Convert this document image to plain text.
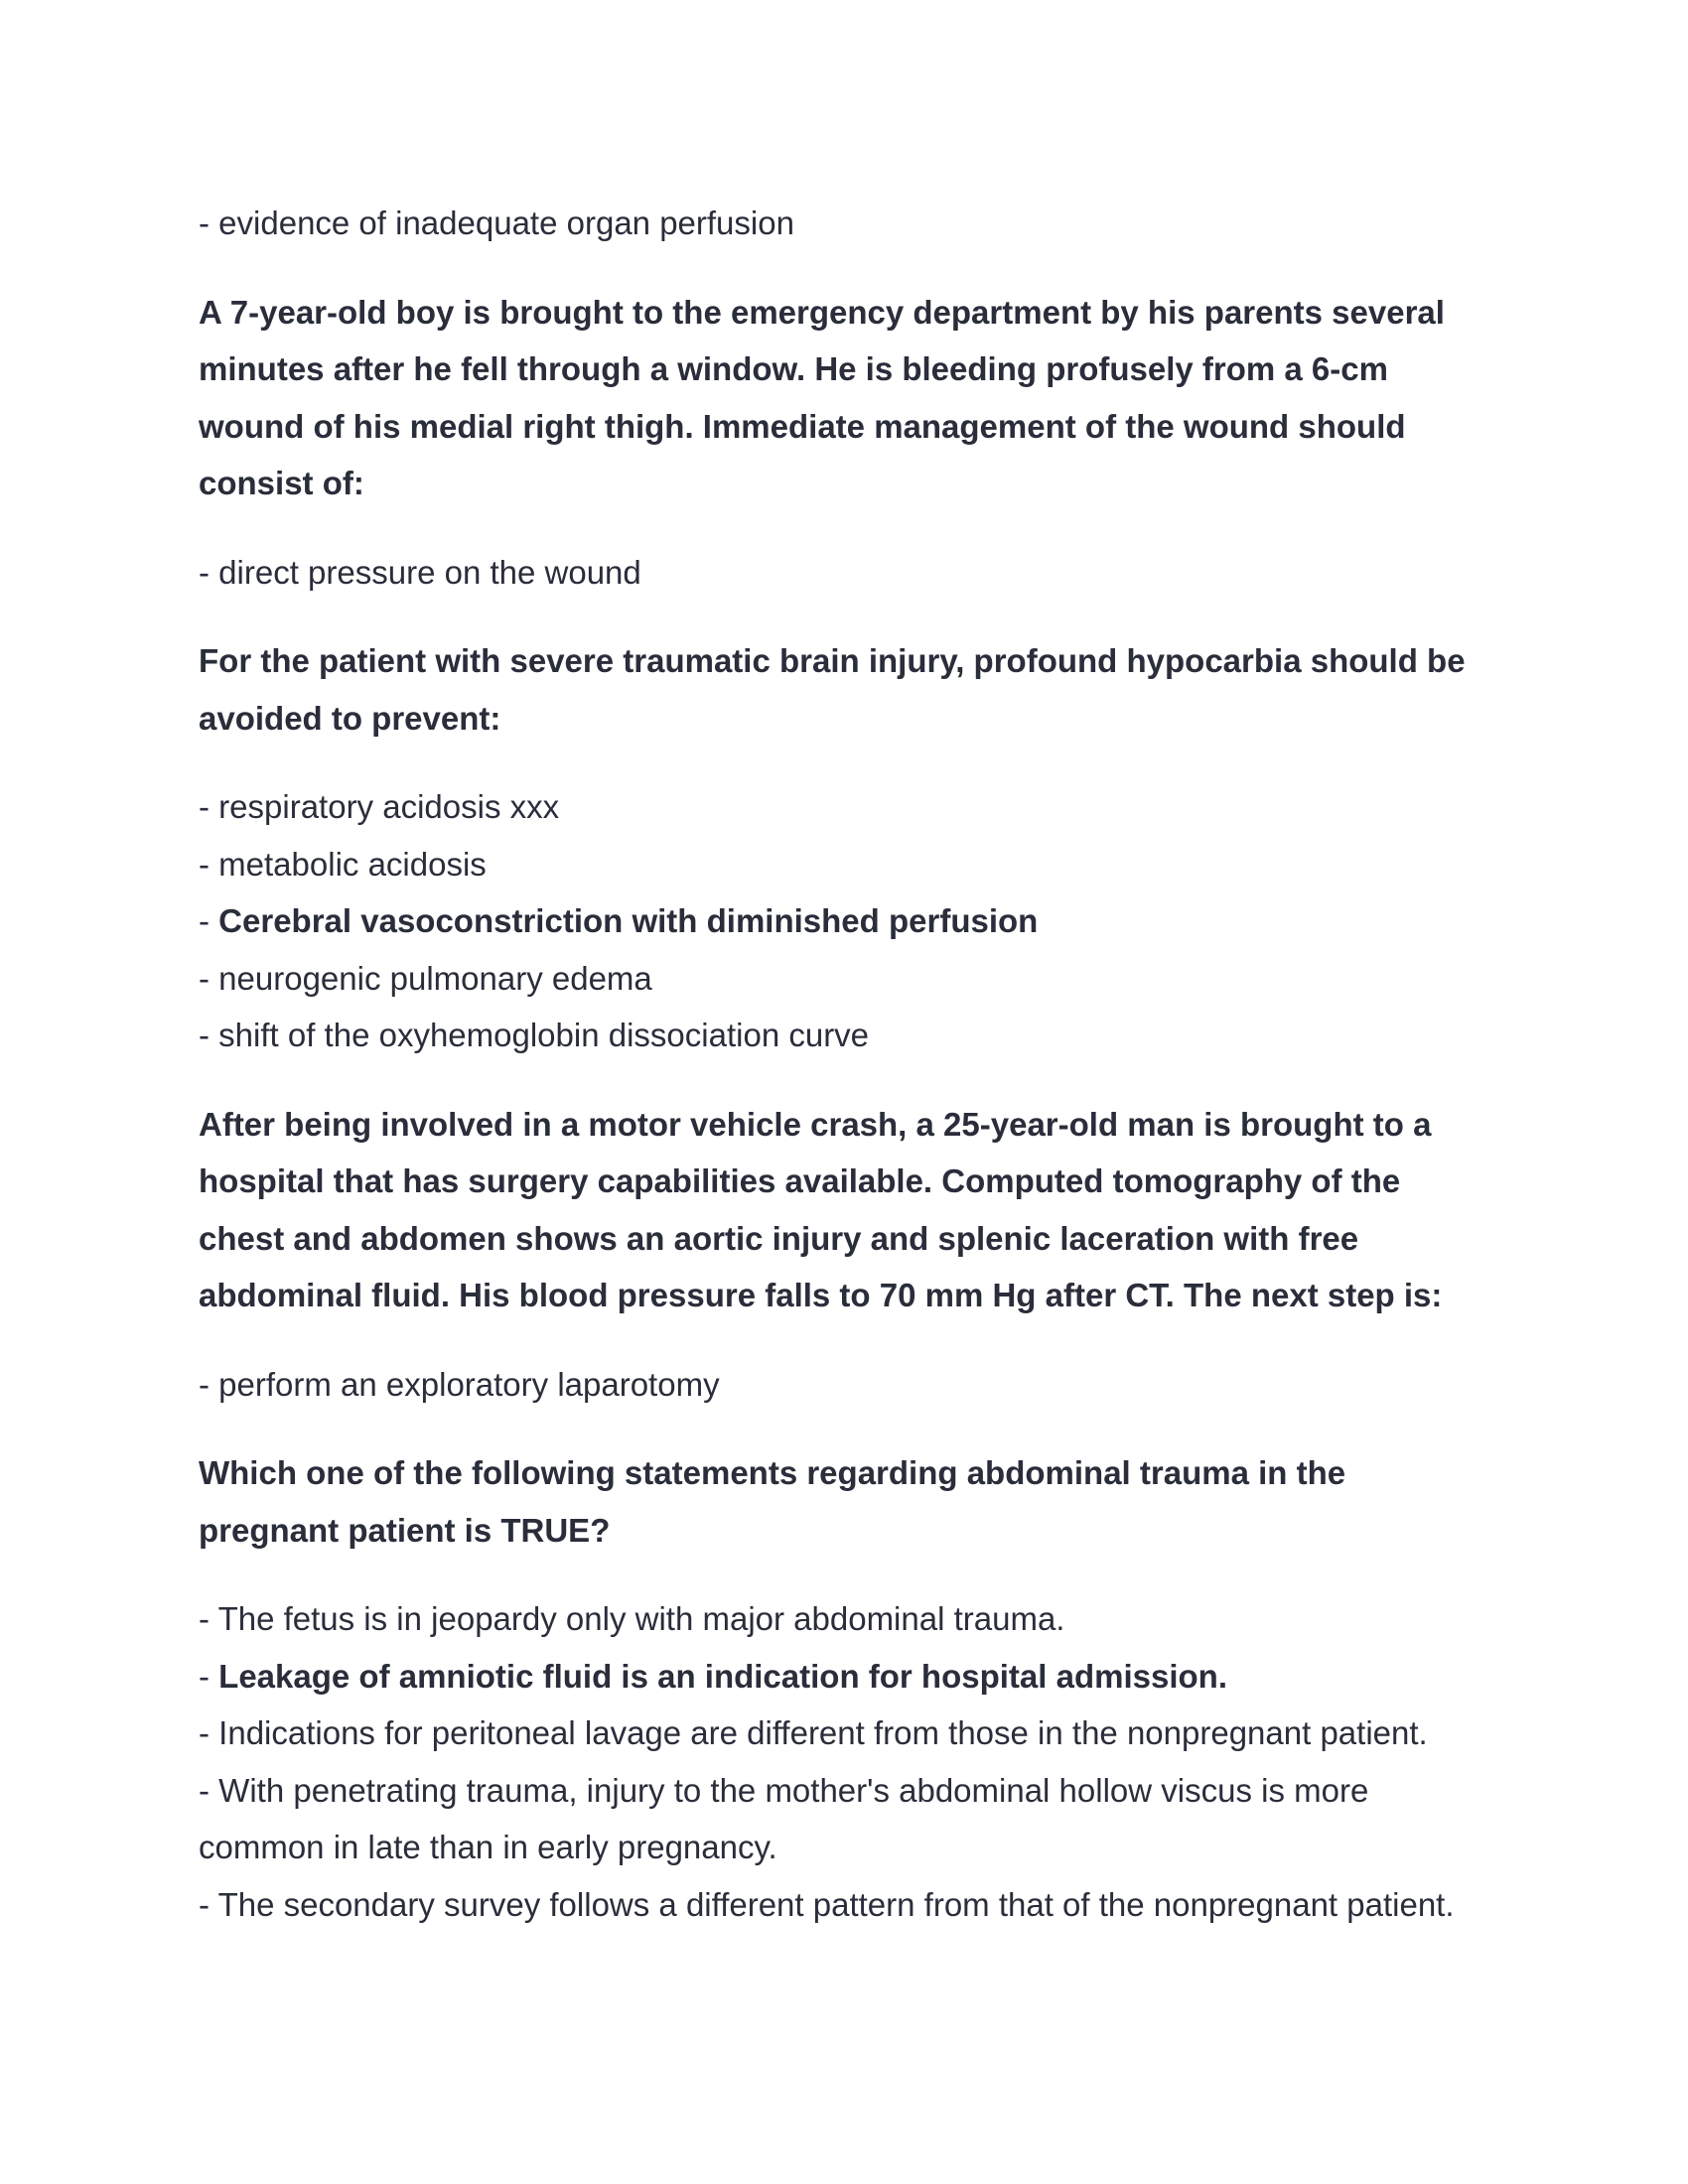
- evidence of inadequate organ perfusion
A 7-year-old boy is brought to the emergency department by his parents several
minutes after he fell through a window. He is bleeding profusely from a 6-cm
wound of his medial right thigh. Immediate management of the wound should
consist of:
- direct pressure on the wound
For the patient with severe traumatic brain injury, profound hypocarbia should be
avoided to prevent:
- respiratory acidosis xxx
- metabolic acidosis
- Cerebral vasoconstriction with diminished perfusion
- neurogenic pulmonary edema
- shift of the oxyhemoglobin dissociation curve
After being involved in a motor vehicle crash, a 25-year-old man is brought to a
hospital that has surgery capabilities available. Computed tomography of the
chest and abdomen shows an aortic injury and splenic laceration with free
abdominal fluid. His blood pressure falls to 70 mm Hg after CT. The next step is:
- perform an exploratory laparotomy
Which one of the following statements regarding abdominal trauma in the
pregnant patient is TRUE?
- The fetus is in jeopardy only with major abdominal trauma.
- Leakage of amniotic fluid is an indication for hospital admission.
- Indications for peritoneal lavage are different from those in the nonpregnant patient.
- With penetrating trauma, injury to the mother's abdominal hollow viscus is more
common in late than in early pregnancy.
- The secondary survey follows a different pattern from that of the nonpregnant patient.
